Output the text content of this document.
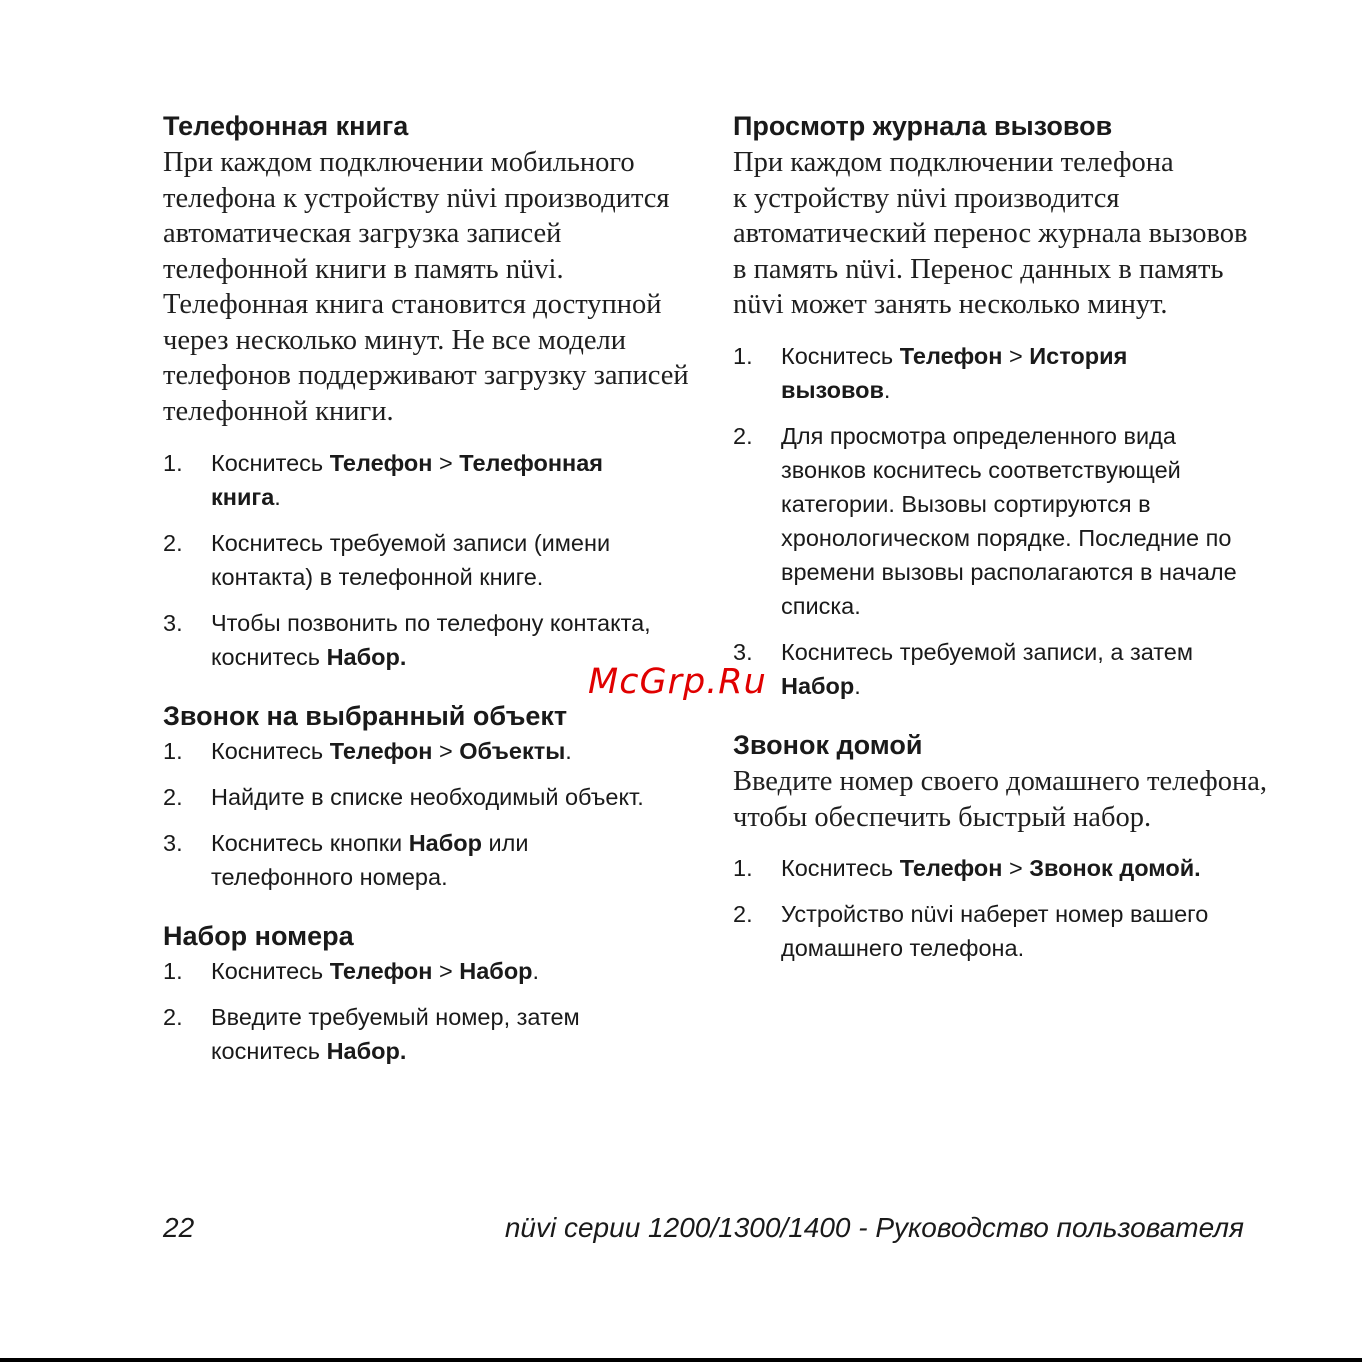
Телефонная книга
При каждом подключении мобильного
телефона к устройству nüvi производится
автоматическая загрузка записей
телефонной книги в память nüvi.
Телефонная книга становится доступной
через несколько минут. Не все модели
телефонов поддерживают загрузку записей
телефонной книги.
1. Коснитесь Телефон > Телефонная
книга.
2. Коснитесь требуемой записи (имени
контакта) в телефонной книге.
3. Чтобы позвонить по телефону контакта,
коснитесь Набор.
Звонок на выбранный объект
1. Коснитесь Телефон > Объекты.
2. Найдите в списке необходимый объект.
3. Коснитесь кнопки Набор или
телефонного номера.
Набор номера
1. Коснитесь Телефон > Набор.
2. Введите требуемый номер, затем
коснитесь Набор.
Просмотр журнала вызовов
При каждом подключении телефона
к устройству nüvi производится
автоматический перенос журнала вызовов
в память nüvi. Перенос данных в память
nüvi может занять несколько минут.
1. Коснитесь Телефон > История
вызовов.
2. Для просмотра определенного вида
звонков коснитесь соответствующей
категории. Вызовы сортируются в
хронологическом порядке. Последние по
времени вызовы располагаются в начале
списка.
3. Коснитесь требуемой записи, а затем
Набор.
Звонок домой
Введите номер своего домашнего телефона,
чтобы обеспечить быстрый набор.
1. Коснитесь Телефон > Звонок домой.
2. Устройство nüvi наберет номер вашего
домашнего телефона.
McGrp.Ru
22	nüvi серии 1200/1300/1400 - Руководство пользователя
